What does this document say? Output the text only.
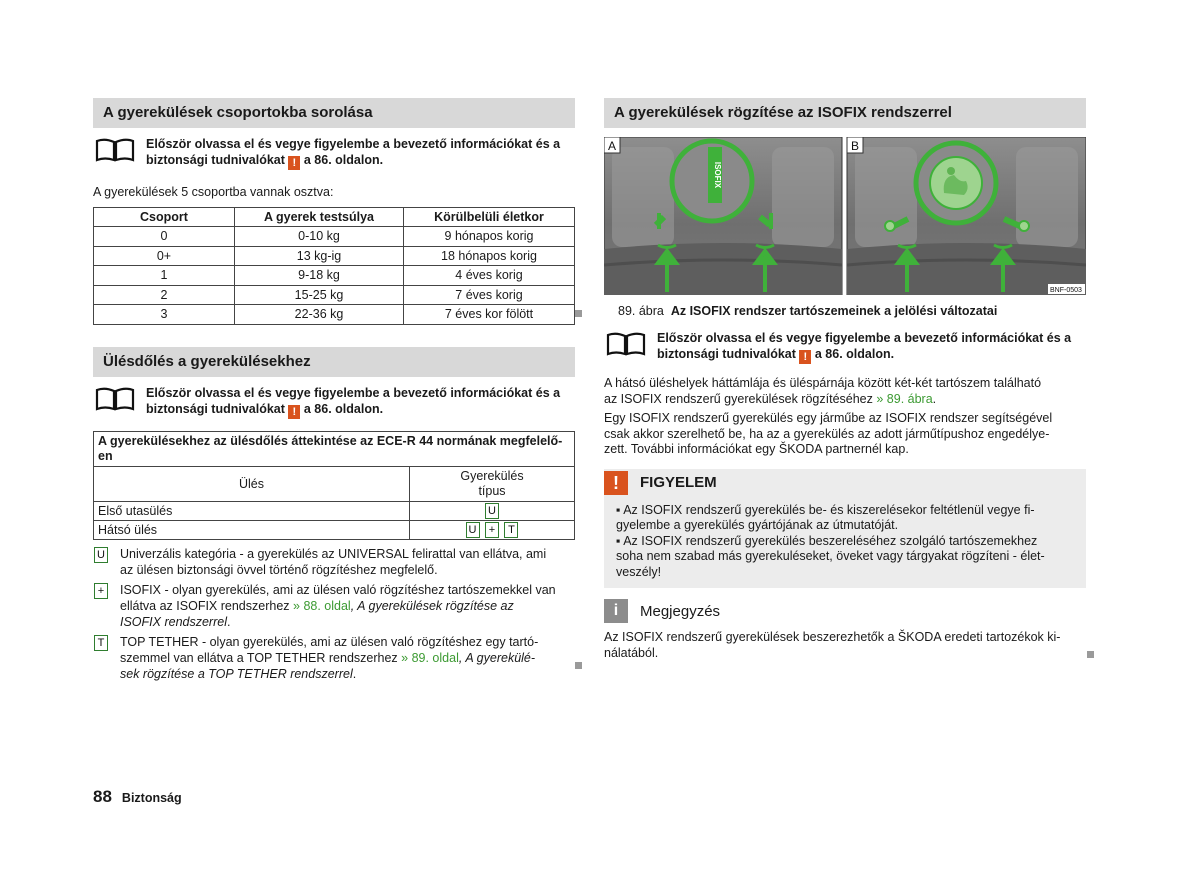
A gyerekülések csoportokba sorolása
Először olvassa el és vegye figyelembe a bevezető információkat és a
biztonsági tudnivalókat ! a 86. oldalon.

A gyerekülések 5 csoportba vannak osztva:

Csoport	A gyerek testsúlya	Körülbelüli életkor
0	0-10 kg	9 hónapos korig
0+	13 kg-ig	18 hónapos korig
1	9-18 kg	4 éves korig
2	15-25 kg	7 éves korig
3	22-36 kg	7 éves kor fölött
Ülésdőlés a gyerekülésekhez
Először olvassa el és vegye figyelembe a bevezető információkat és a
biztonsági tudnivalókat ! a 86. oldalon.
A gyerekülésekhez az ülésdőlés áttekintése az ECE-R 44 normának megfelelő-
en	

Ülés	Gyerekülés
típus

Első utasülés	U
Hátsó ülés	U + T
U Univerzális kategória - a gyerekülés az UNIVERSAL felirattal van ellátva, ami
az ülésen biztonsági övvel történő rögzítéshez megfelelő.

+	ISOFIX - olyan gyerekülés, ami az ülésen való rögzítéshez tartószemekkel van
ellátva az ISOFIX rendszerhez » 88. oldal, A gyerekülések rögzítése az
ISOFIX rendszerrel.

T TOP TETHER - olyan gyerekülés, ami az ülésen való rögzítéshez egy tartó-
szemmel van ellátva a TOP TETHER rendszerhez » 89. oldal, A gyerekülé-
sek rögzítése a TOP TETHER rendszerrel.

A gyerekülések rögzítése az ISOFIX rendszerrel
ISOFIX
A	B
BNF-0503
89. ábra Az ISOFIX rendszer tartószemeinek a jelölési változatai
Először olvassa el és vegye figyelembe a bevezető információkat és a
biztonsági tudnivalókat ! a 86. oldalon.

A hátsó üléshelyek háttámlája és üléspárnája között két-két tartószem található
az ISOFIX rendszerű gyerekülések rögzítéséhez » 89. ábra.

Egy ISOFIX rendszerű gyerekülés egy járműbe az ISOFIX rendszer segítségével
csak akkor szerelhető be, ha az a gyerekülés az adott járműtípushoz engedélye-
zett. További információkat egy ŠKODA partnernél kap.

!	FIGYELEM

▪ Az ISOFIX rendszerű gyerekülés be- és kiszerelésekor feltétlenül vegye fi-
gyelembe a gyerekülés gyártójának az útmutatóját.
▪ Az ISOFIX rendszerű gyerekülés beszereléséhez szolgáló tartószemekhez
soha nem szabad más gyerekuléseket, öveket vagy tárgyakat rögzíteni - élet-
veszély!

i	Megjegyzés

Az ISOFIX rendszerű gyerekülések beszerezhetők a ŠKODA eredeti tartozékok ki-
nálatából.

88 Biztonság
